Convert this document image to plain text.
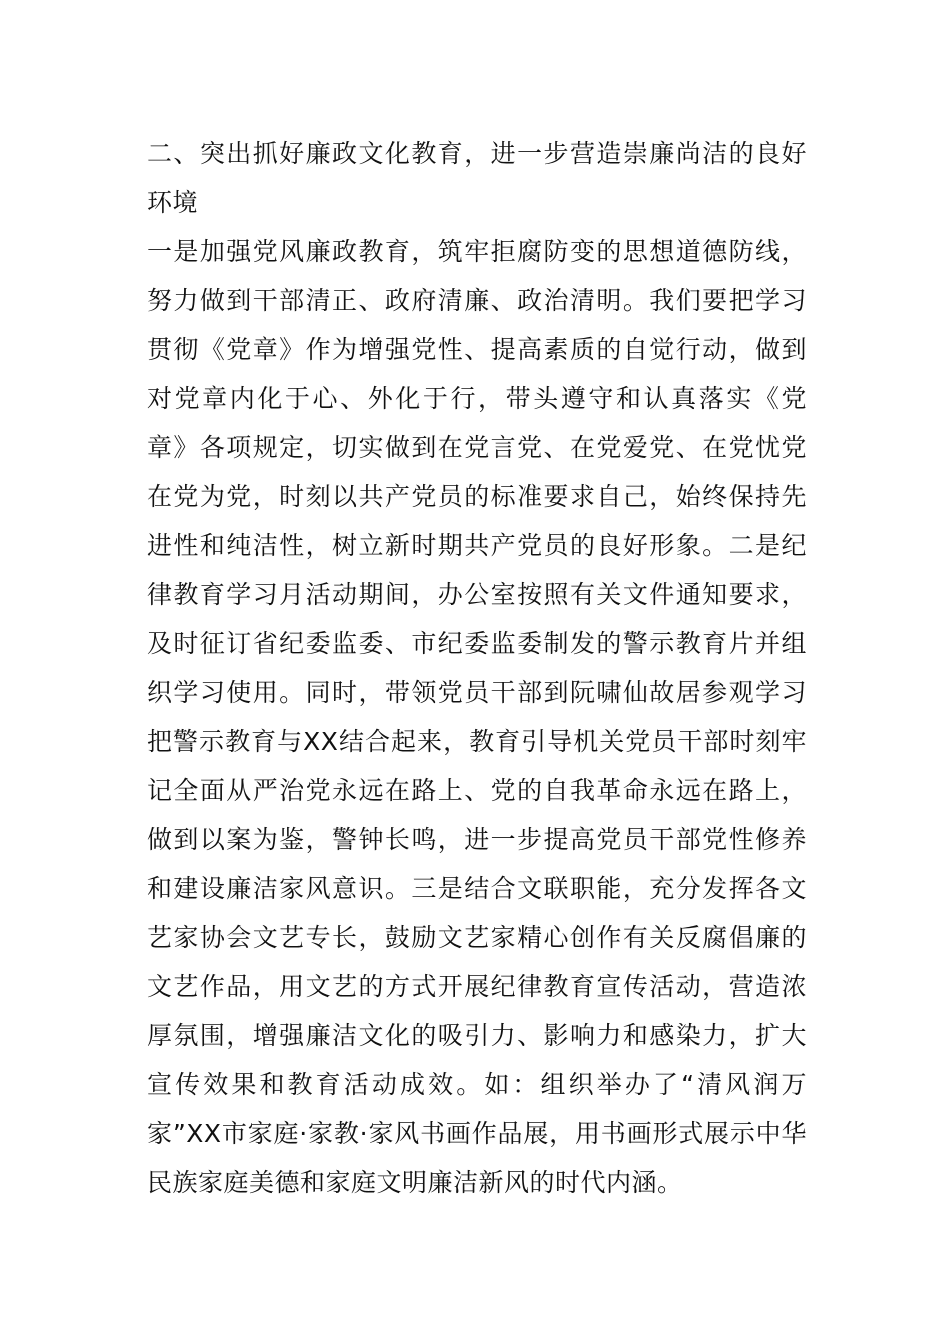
二、突出抓好廉政文化教育，进一步营造崇廉尚洁的良好
环境
一是加强党风廉政教育，筑牢拒腐防变的思想道德防线，
努力做到干部清正、政府清廉、政治清明。我们要把学习
贯彻《党章》作为增强党性、提高素质的自觉行动，做到
对党章内化于心、外化于行，带头遵守和认真落实《党
章》各项规定，切实做到在党言党、在党爱党、在党忧党
在党为党，时刻以共产党员的标准要求自己，始终保持先
进性和纯洁性，树立新时期共产党员的良好形象。二是纪
律教育学习月活动期间，办公室按照有关文件通知要求，
及时征订省纪委监委、市纪委监委制发的警示教育片并组
织学习使用。同时，带领党员干部到阮啸仙故居参观学习
把警示教育与XX结合起来，教育引导机关党员干部时刻牢
记全面从严治党永远在路上、党的自我革命永远在路上，
做到以案为鉴，警钟长鸣，进一步提高党员干部党性修养
和建设廉洁家风意识。三是结合文联职能，充分发挥各文
艺家协会文艺专长，鼓励文艺家精心创作有关反腐倡廉的
文艺作品，用文艺的方式开展纪律教育宣传活动，营造浓
厚氛围，增强廉洁文化的吸引力、影响力和感染力，扩大
宣传效果和教育活动成效。如：组织举办了“清风润万
家”XX市家庭·家教·家风书画作品展，用书画形式展示中华
民族家庭美德和家庭文明廉洁新风的时代内涵。
